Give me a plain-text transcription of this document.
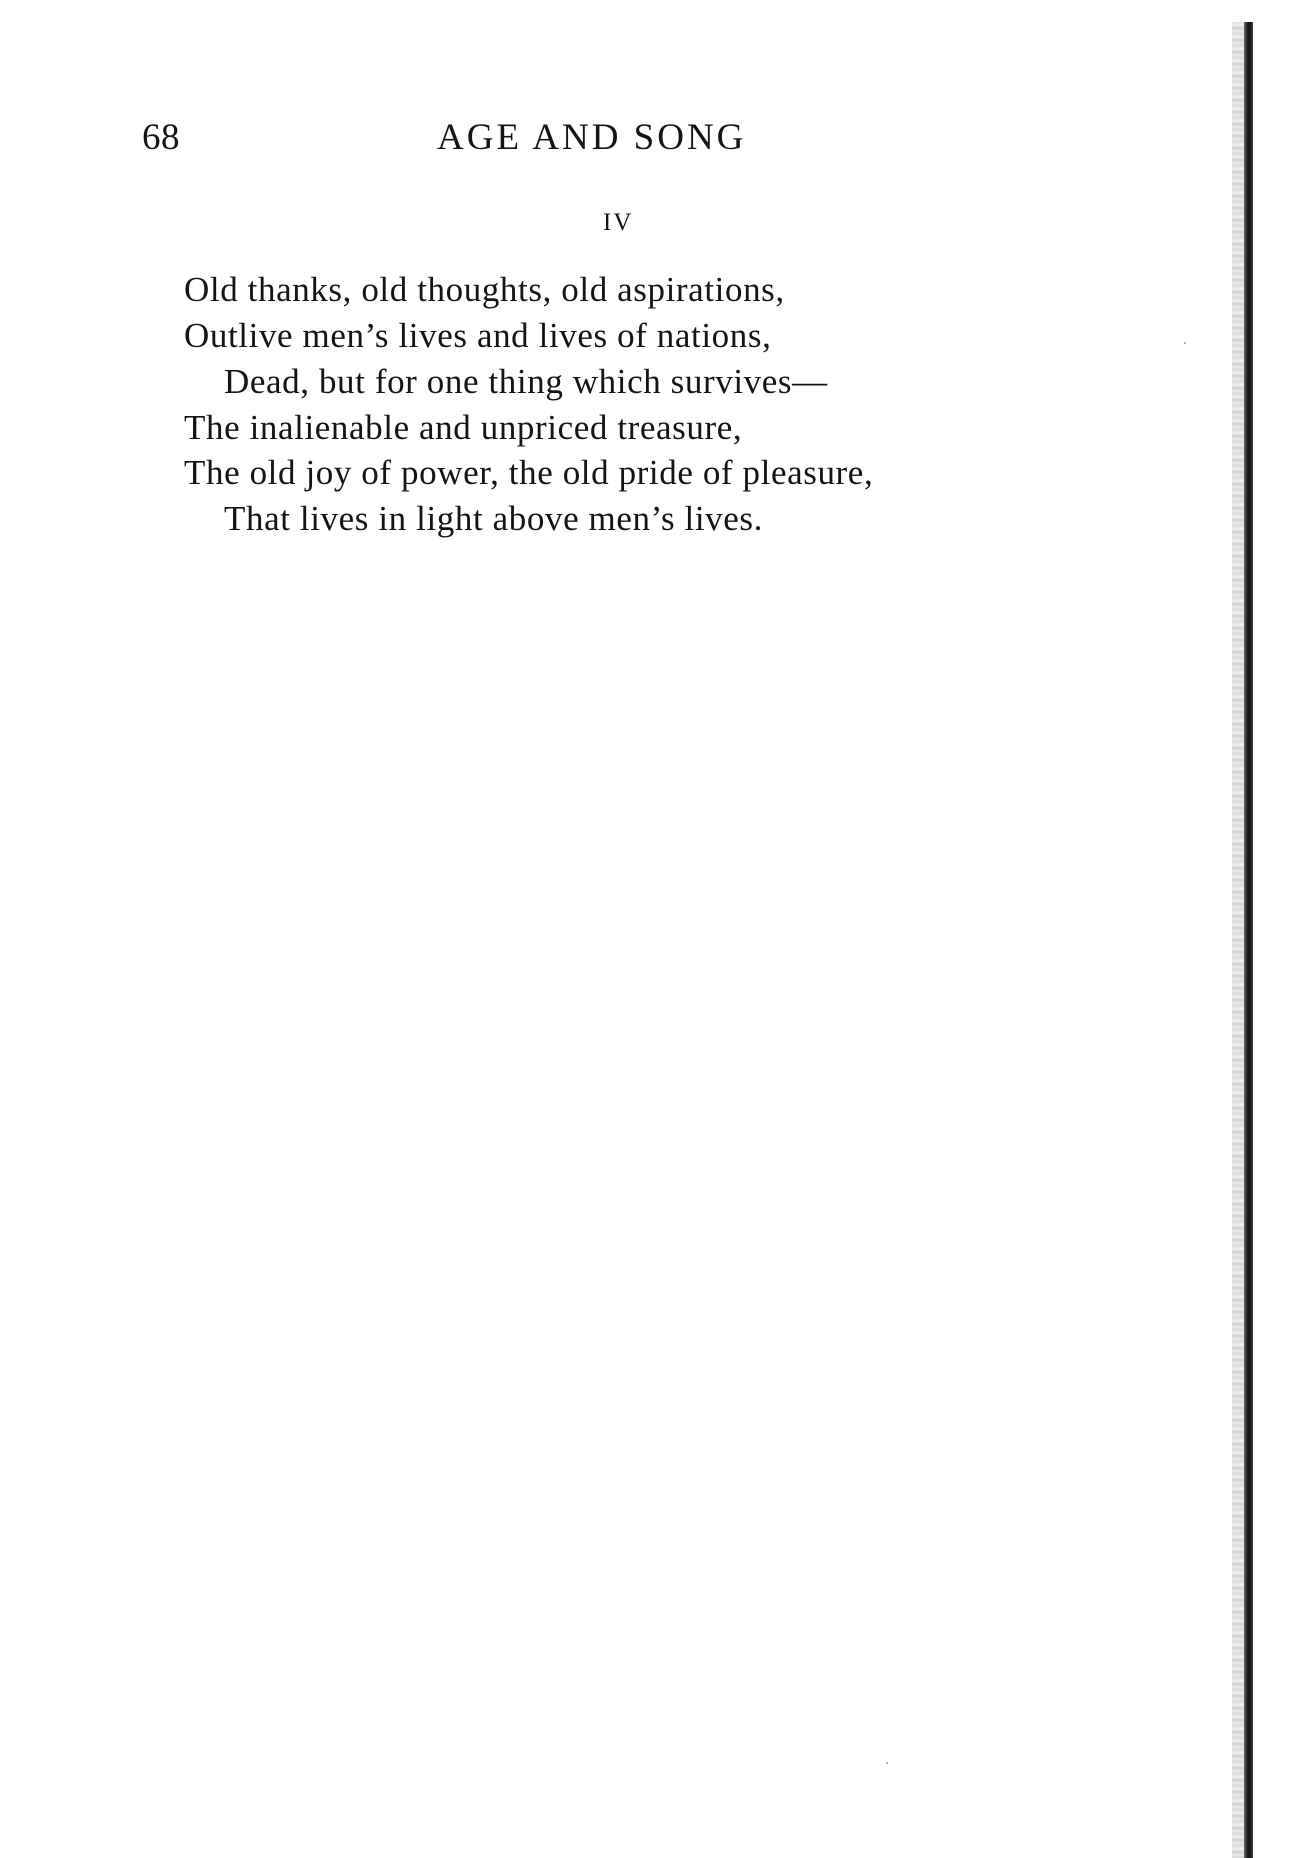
68	AGE AND SONG
IV
Old thanks, old thoughts, old aspirations,
Outlive men’s lives and lives of nations,
Dead, but for one thing which survives—
The inalienable and unpriced treasure,
The old joy of power, the old pride of pleasure,
That lives in light above men’s lives.
